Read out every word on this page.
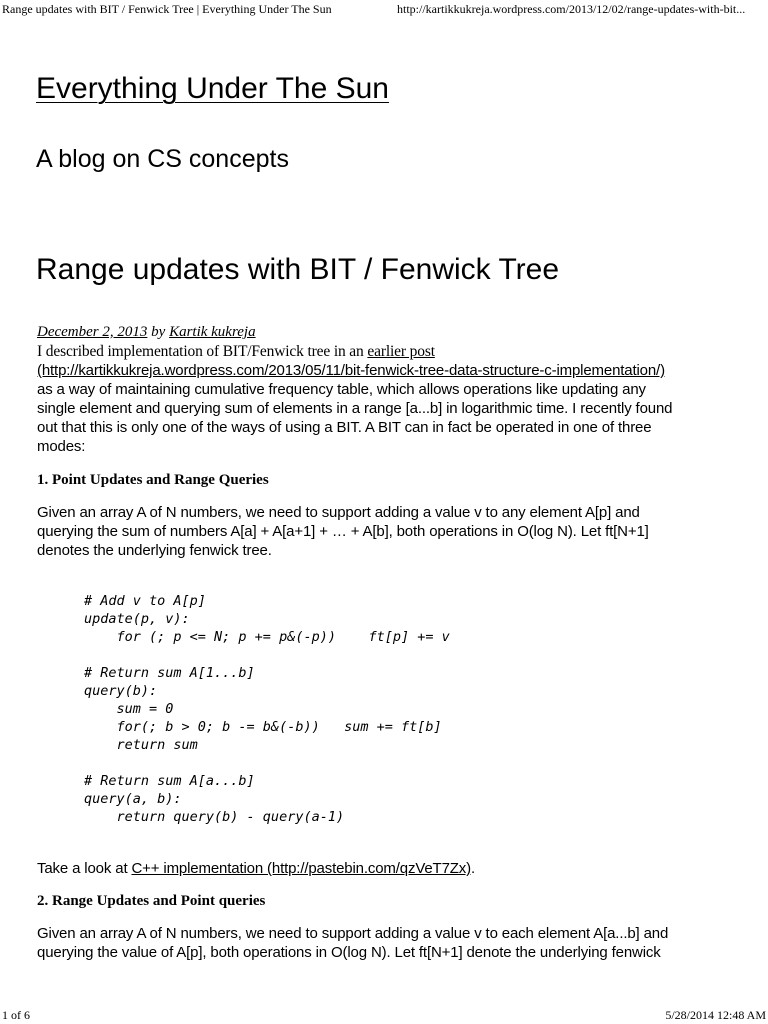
Range updates with BIT / Fenwick Tree | Everything Under The Sun	http://kartikkukreja.wordpress.com/2013/12/02/range-updates-with-bit...
Everything Under The Sun
A blog on CS concepts
Range updates with BIT / Fenwick Tree

December 2, 2013 by Kartik kukreja

I described implementation of BIT/Fenwick tree in an earlier post
(http://kartikkukreja.wordpress.com/2013/05/11/bit-fenwick-tree-data-structure-c-implementation/)
as a way of maintaining cumulative frequency table, which allows operations like updating any
single element and querying sum of elements in a range [a...b] in logarithmic time. I recently found
out that this is only one of the ways of using a BIT. A BIT can in fact be operated in one of three
modes:

1. Point Updates and Range Queries

Given an array A of N numbers, we need to support adding a value v to any element A[p] and
querying the sum of numbers A[a] + A[a+1] + … + A[b], both operations in O(log N). Let ft[N+1]
denotes the underlying fenwick tree.

# Add v to A[p]
update(p, v):
for (; p <= N; p += p&(-p))    ft[p] += v

# Return sum A[1...b]
query(b):
sum = 0
for(; b > 0; b -= b&(-b))   sum += ft[b]
return sum

# Return sum A[a...b]
query(a, b):
return query(b) - query(a-1)

Take a look at C++ implementation (http://pastebin.com/qzVeT7Zx).

2. Range Updates and Point queries

Given an array A of N numbers, we need to support adding a value v to each element A[a...b] and
querying the value of A[p], both operations in O(log N). Let ft[N+1] denote the underlying fenwick

1 of 6	5/28/2014 12:48 AM
